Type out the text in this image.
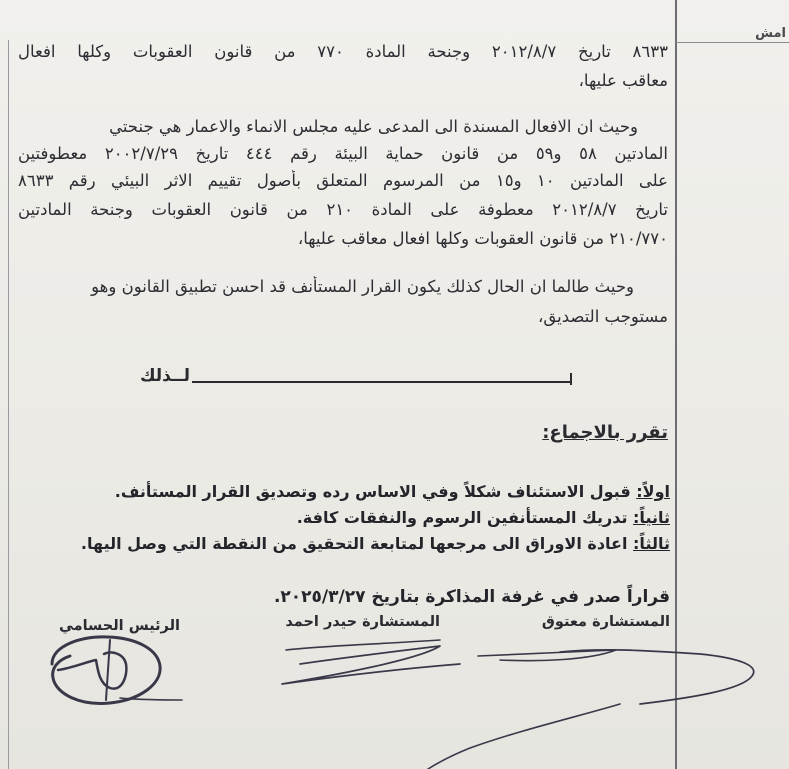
امش
٨٦٣٣ تاريخ ٢٠١٢/٨/٧ وجنحة المادة ٧٧٠ من قانون العقوبات وكلها افعال
معاقب عليها،
وحيث ان الافعال المسندة الى المدعى عليه مجلس الانماء والاعمار هي جنحتي
المادتين ٥٨ و٥٩ من قانون حماية البيئة رقم ٤٤٤ تاريخ ٢٠٠٢/٧/٢٩ معطوفتين
على المادتين ١٠ و١٥ من المرسوم المتعلق بأصول تقييم الاثر البيئي رقم ٨٦٣٣
تاريخ ٢٠١٢/٨/٧ معطوفة على المادة ٢١٠ من قانون العقوبات وجنحة المادتين
٢١٠/٧٧٠ من قانون العقوبات وكلها افعال معاقب عليها،
وحيث طالما ان الحال كذلك يكون القرار المستأنف قد احسن تطبيق القانون وهو
مستوجب التصديق،
لــذلك
تقرر بالاجماع:
اولاً: قبول الاستئناف شكلاً وفي الاساس رده وتصديق القرار المستأنف.
ثانياً: تدريك المستأنفين الرسوم والنفقات كافة.
ثالثاً: اعادة الاوراق الى مرجعها لمتابعة التحقيق من النقطة التي وصل اليها.
قراراً صدر في غرفة المذاكرة بتاريخ ٢٠٢٥/٣/٢٧.
المستشارة معتوق
المستشارة حيدر احمد
الرئيس الحسامي
